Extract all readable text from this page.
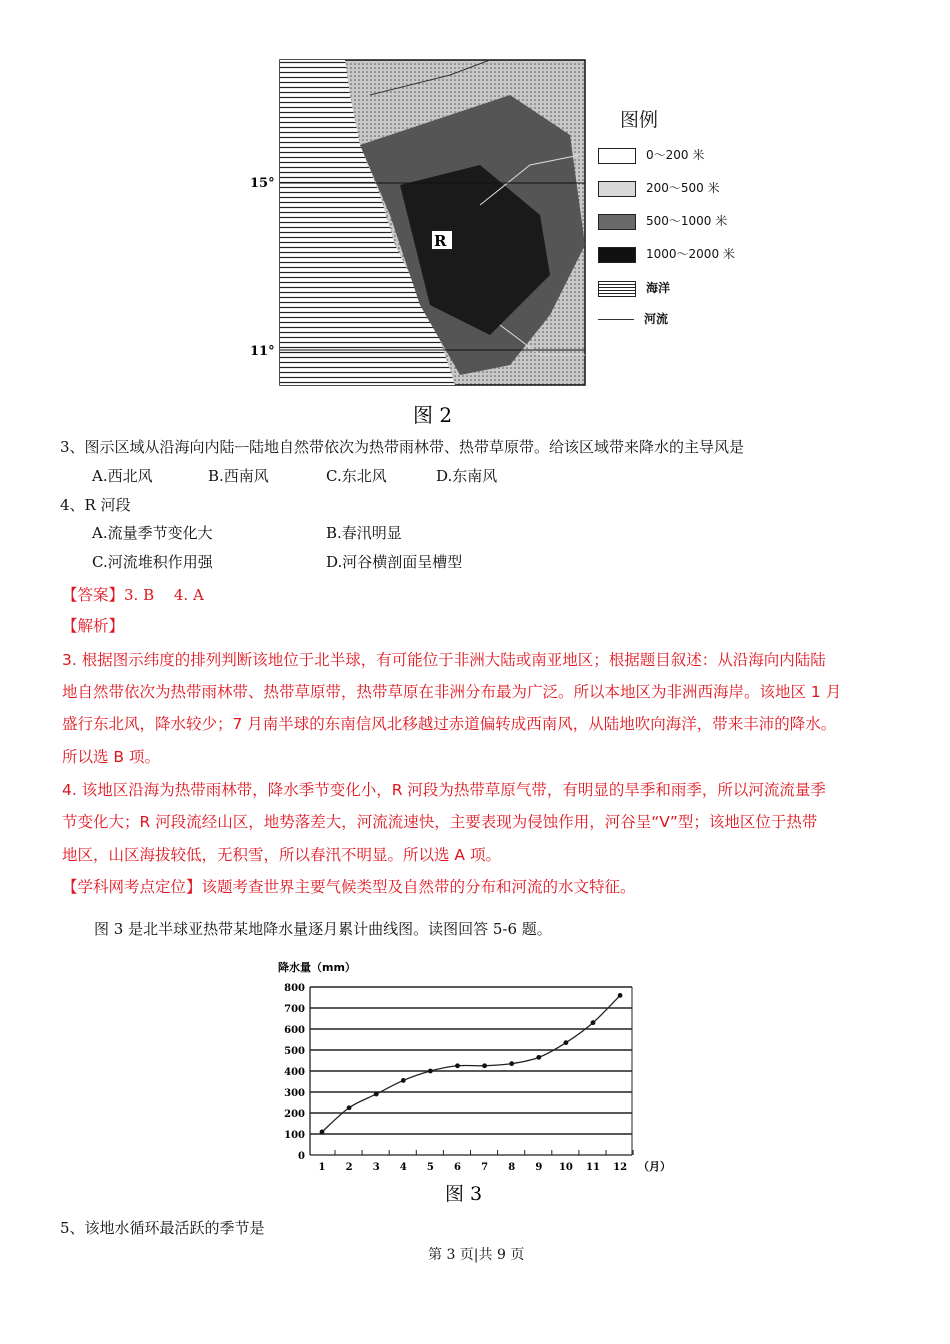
R
15°
11°
图 2
图例
0～200 米
200～500 米
500～1000 米
1000～2000 米
海洋
河流
3、图示区域从沿海向内陆ᅳ陆地自然带依次为热带雨林带、热带草原带。给该区域带来降水的主导风是
A.西北风	B.西南风	C.东北风	D.东南风
4、R 河段
A.流量季节变化大	B.春汛明显
C.河流堆积作用强	D.河谷横剖面呈槽型
【答案】3. B　 4. A
【解析】
3. 根据图示纬度的排列判断该地位于北半球，有可能位于非洲大陆或南亚地区；根据题目叙述：从沿海向内陆陆
地自然带依次为热带雨林带、热带草原带，热带草原在非洲分布最为广泛。所以本地区为非洲西海岸。该地区 1 月
盛行东北风，降水较少；7 月南半球的东南信风北移越过赤道偏转成西南风，从陆地吹向海洋，带来丰沛的降水。
所以选 B 项。
4. 该地区沿海为热带雨林带，降水季节变化小，R 河段为热带草原气带，有明显的旱季和雨季，所以河流流量季
节变化大；R 河段流经山区，地势落差大，河流流速快，主要表现为侵蚀作用，河谷呈“V”型；该地区位于热带
地区，山区海拔较低，无积雪，所以春汛不明显。所以选 A 项。
【学科网考点定位】该题考查世界主要气候类型及自然带的分布和河流的水文特征。
图 3 是北半球亚热带某地降水量逐月累计曲线图。读图回答 5-6 题。
降水量（mm）
0
100
200
300
400
500
600
700
800
1 2 3 4 5 6 7 8 9 10 11 12 （月）
图 3
5、该地水循环最活跃的季节是
第 3 页|共 9 页
